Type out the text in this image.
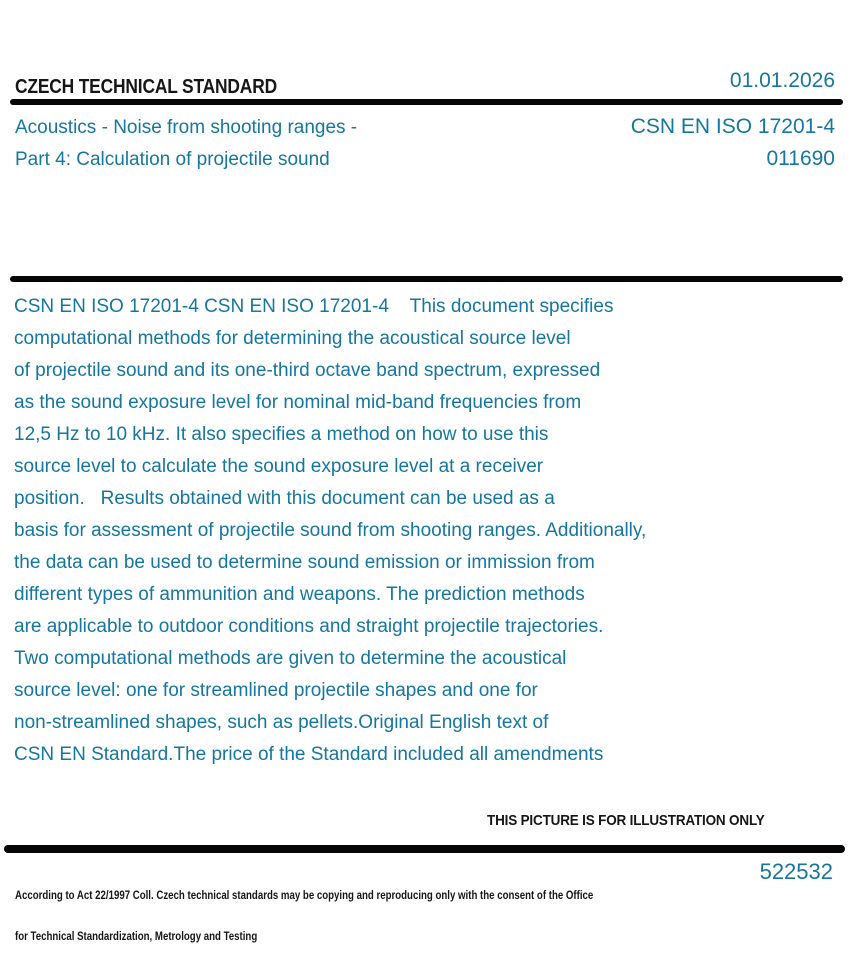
CZECH TECHNICAL STANDARD	01.01.2026
Acoustics - Noise from shooting ranges -
Part 4: Calculation of projectile sound
CSN EN ISO 17201-4
011690
CSN EN ISO 17201-4 CSN EN ISO 17201-4    This document specifies
computational methods for determining the acoustical source level
of projectile sound and its one-third octave band spectrum, expressed
as the sound exposure level for nominal mid-band frequencies from
12,5 Hz to 10 kHz. It also specifies a method on how to use this
source level to calculate the sound exposure level at a receiver
position.   Results obtained with this document can be used as a
basis for assessment of projectile sound from shooting ranges. Additionally,
the data can be used to determine sound emission or immission from
different types of ammunition and weapons. The prediction methods
are applicable to outdoor conditions and straight projectile trajectories.
Two computational methods are given to determine the acoustical
source level: one for streamlined projectile shapes and one for
non-streamlined shapes, such as pellets.Original English text of
CSN EN Standard.The price of the Standard included all amendments
THIS PICTURE IS FOR ILLUSTRATION ONLY

According to Act 22/1997 Coll. Czech technical standards may be copying and reproducing only with the consent of the Office

for Technical Standardization, Metrology and Testing

522532
